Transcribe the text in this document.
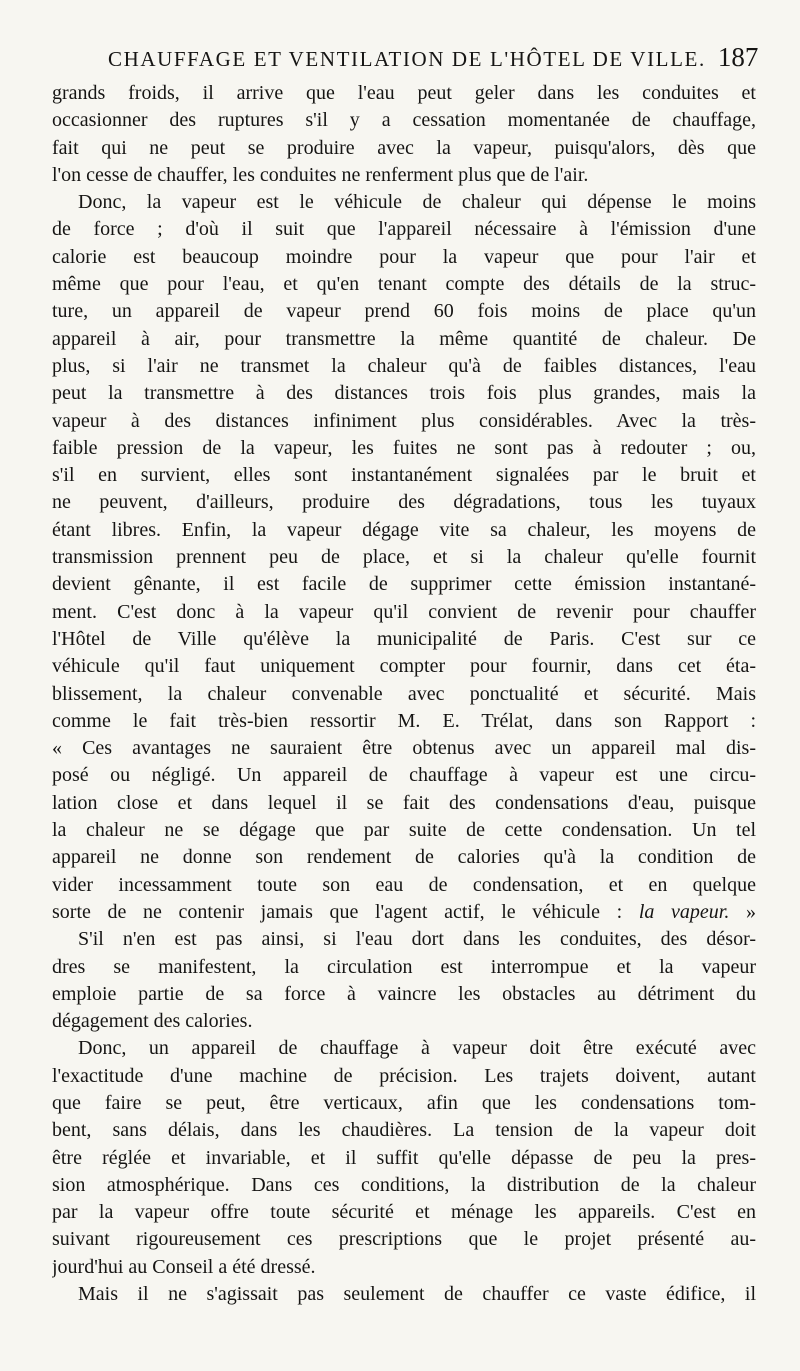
CHAUFFAGE ET VENTILATION DE L'HÔTEL DE VILLE. 187
grands froids, il arrive que l'eau peut geler dans les conduites et
occasionner des ruptures s'il y a cessation momentanée de chauffage,
fait qui ne peut se produire avec la vapeur, puisqu'alors, dès que
l'on cesse de chauffer, les conduites ne renferment plus que de l'air.
Donc, la vapeur est le véhicule de chaleur qui dépense le moins
de force ; d'où il suit que l'appareil nécessaire à l'émission d'une
calorie est beaucoup moindre pour la vapeur que pour l'air et
même que pour l'eau, et qu'en tenant compte des détails de la struc-
ture, un appareil de vapeur prend 60 fois moins de place qu'un
appareil à air, pour transmettre la même quantité de chaleur. De
plus, si l'air ne transmet la chaleur qu'à de faibles distances, l'eau
peut la transmettre à des distances trois fois plus grandes, mais la
vapeur à des distances infiniment plus considérables. Avec la très-
faible pression de la vapeur, les fuites ne sont pas à redouter ; ou,
s'il en survient, elles sont instantanément signalées par le bruit et
ne peuvent, d'ailleurs, produire des dégradations, tous les tuyaux
étant libres. Enfin, la vapeur dégage vite sa chaleur, les moyens de
transmission prennent peu de place, et si la chaleur qu'elle fournit
devient gênante, il est facile de supprimer cette émission instantané-
ment. C'est donc à la vapeur qu'il convient de revenir pour chauffer
l'Hôtel de Ville qu'élève la municipalité de Paris. C'est sur ce
véhicule qu'il faut uniquement compter pour fournir, dans cet éta-
blissement, la chaleur convenable avec ponctualité et sécurité. Mais
comme le fait très-bien ressortir M. E. Trélat, dans son Rapport :
« Ces avantages ne sauraient être obtenus avec un appareil mal dis-
posé ou négligé. Un appareil de chauffage à vapeur est une circu-
lation close et dans lequel il se fait des condensations d'eau, puisque
la chaleur ne se dégage que par suite de cette condensation. Un tel
appareil ne donne son rendement de calories qu'à la condition de
vider incessamment toute son eau de condensation, et en quelque
sorte de ne contenir jamais que l'agent actif, le véhicule : la vapeur. »
S'il n'en est pas ainsi, si l'eau dort dans les conduites, des désor-
dres se manifestent, la circulation est interrompue et la vapeur
emploie partie de sa force à vaincre les obstacles au détriment du
dégagement des calories.
Donc, un appareil de chauffage à vapeur doit être exécuté avec
l'exactitude d'une machine de précision. Les trajets doivent, autant
que faire se peut, être verticaux, afin que les condensations tom-
bent, sans délais, dans les chaudières. La tension de la vapeur doit
être réglée et invariable, et il suffit qu'elle dépasse de peu la pres-
sion atmosphérique. Dans ces conditions, la distribution de la chaleur
par la vapeur offre toute sécurité et ménage les appareils. C'est en
suivant rigoureusement ces prescriptions que le projet présenté au-
jourd'hui au Conseil a été dressé.
Mais il ne s'agissait pas seulement de chauffer ce vaste édifice, il
